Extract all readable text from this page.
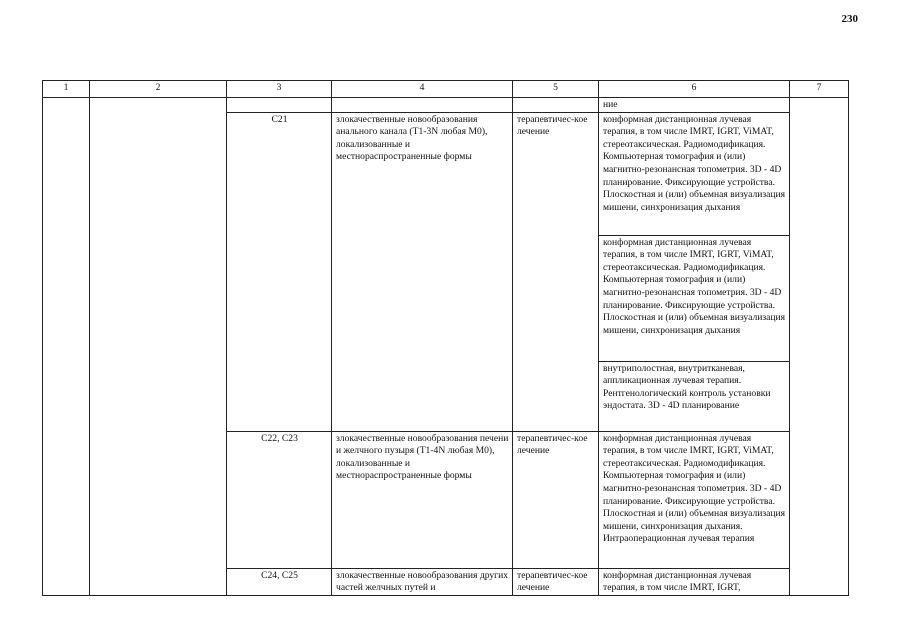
230
1	2	3	4	5	6	7
					ние	
		C21	злокачественные новообразования анального канала (T1-3N любая M0), локализованные и местнораспространенные формы	терапевтичес-кое лечение	конформная дистанционная лучевая терапия, в том числе IMRT, IGRT, ViMAT, стереотаксическая. Радиомодификация. Компьютерная томография и (или) магнитно-резонансная топометрия. 3D - 4D планирование. Фиксирующие устройства. Плоскостная и (или) объемная визуализация мишени, синхронизация дыхания	
					конформная дистанционная лучевая терапия, в том числе IMRT, IGRT, ViMAT, стереотаксическая. Радиомодификация. Компьютерная томография и (или) магнитно-резонансная топометрия. 3D - 4D планирование. Фиксирующие устройства. Плоскостная и (или) объемная визуализация мишени, синхронизация дыхания	
					внутриполостная, внутритканевая, аппликационная лучевая терапия. Рентгенологический контроль установки эндостата. 3D - 4D планирование	
		C22, C23	злокачественные новообразования печени и желчного пузыря (T1-4N любая M0), локализованные и местнораспространенные формы	терапевтичес-кое лечение	конформная дистанционная лучевая терапия, в том числе IMRT, IGRT, ViMAT, стереотаксическая. Радиомодификация. Компьютерная томография и (или) магнитно-резонансная топометрия. 3D - 4D планирование. Фиксирующие устройства. Плоскостная и (или) объемная визуализация мишени, синхронизация дыхания. Интраоперационная лучевая терапия	
		C24, C25	злокачественные новообразования других частей желчных путей и	терапевтичес-кое лечение	конформная дистанционная лучевая терапия, в том числе IMRT, IGRT,	
